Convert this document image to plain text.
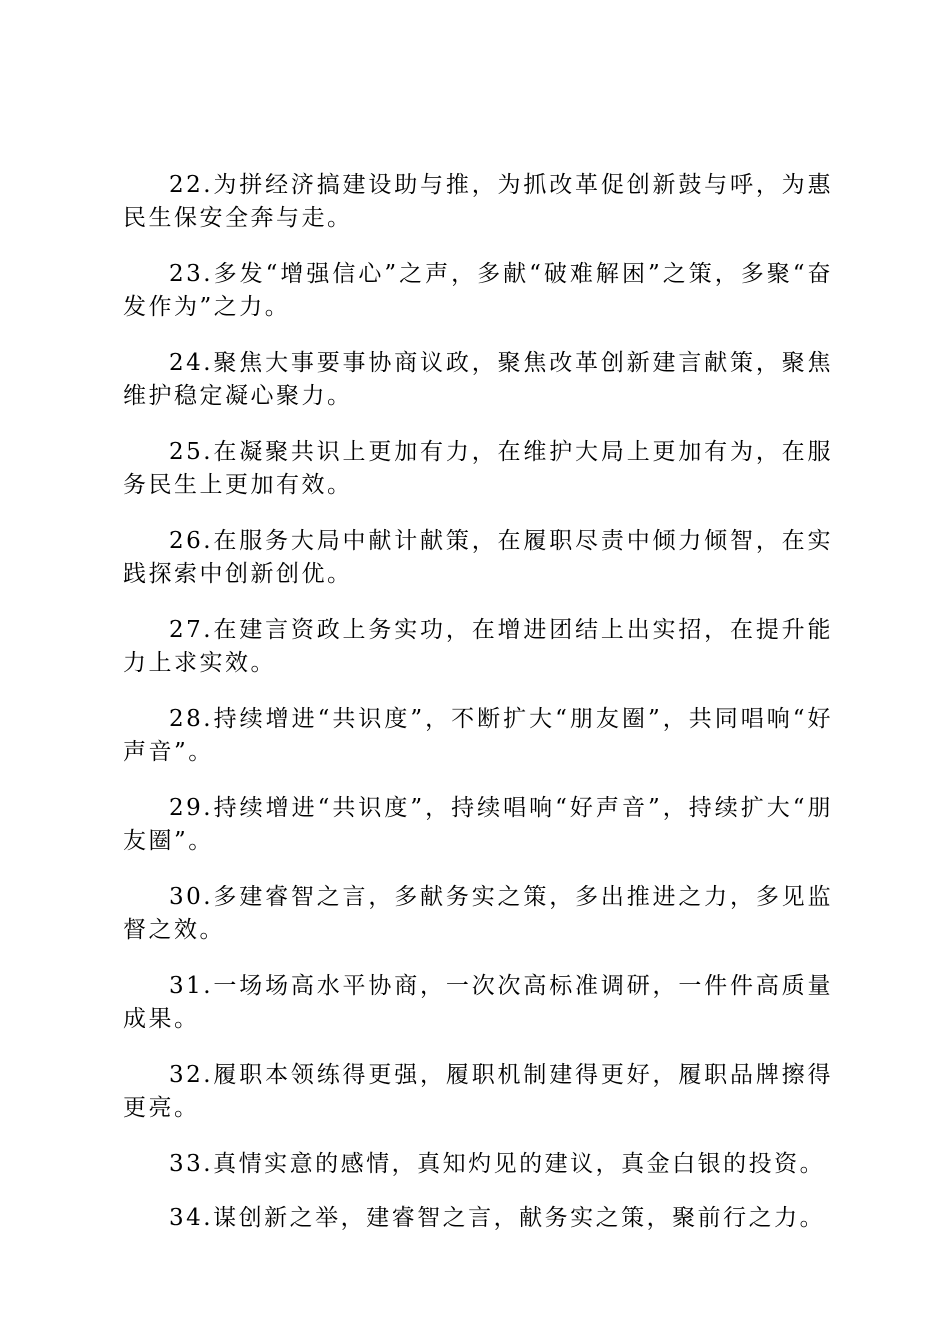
22.为拼经济搞建设助与推，为抓改革促创新鼓与呼，为惠民生保安全奔与走。

23.多发“增强信心”之声，多献“破难解困”之策，多聚“奋发作为”之力。

24.聚焦大事要事协商议政，聚焦改革创新建言献策，聚焦维护稳定凝心聚力。

25.在凝聚共识上更加有力，在维护大局上更加有为，在服务民生上更加有效。

26.在服务大局中献计献策，在履职尽责中倾力倾智，在实践探索中创新创优。

27.在建言资政上务实功，在增进团结上出实招，在提升能力上求实效。

28.持续增进“共识度”，不断扩大“朋友圈”，共同唱响“好声音”。

29.持续增进“共识度”，持续唱响“好声音”，持续扩大“朋友圈”。

30.多建睿智之言，多献务实之策，多出推进之力，多见监督之效。

31.一场场高水平协商，一次次高标准调研，一件件高质量成果。

32.履职本领练得更强，履职机制建得更好，履职品牌擦得更亮。

33.真情实意的感情，真知灼见的建议，真金白银的投资。

34.谋创新之举，建睿智之言，献务实之策，聚前行之力。
